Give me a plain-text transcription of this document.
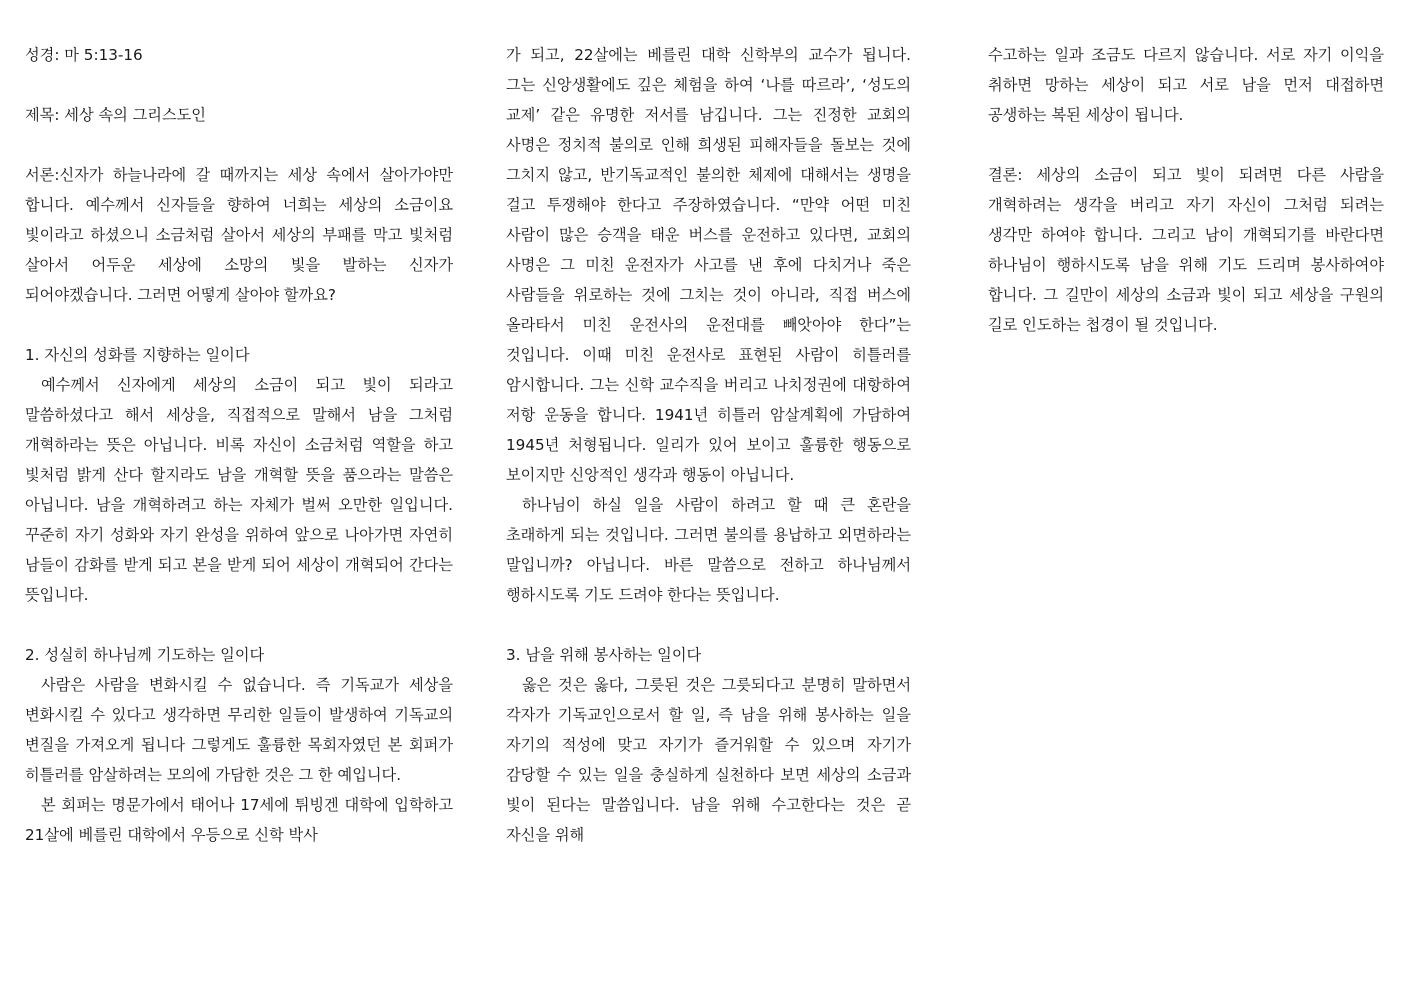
성경: 마 5:13-16

제목: 세상 속의 그리스도인

서론:신자가 하늘나라에 갈 때까지는 세상 속에서 살아가야만 합니다. 예수께서 신자들을 향하여 너희는 세상의 소금이요 빛이라고 하셨으니 소금처럼 살아서 세상의 부패를 막고 빛처럼 살아서 어두운 세상에 소망의 빛을 발하는 신자가 되어야겠습니다. 그러면 어떻게 살아야 할까요?

1. 자신의 성화를 지향하는 일이다

예수께서 신자에게 세상의 소금이 되고 빛이 되라고 말씀하셨다고 해서 세상을, 직접적으로 말해서 남을 그처럼 개혁하라는 뜻은 아닙니다. 비록 자신이 소금처럼 역할을 하고 빛처럼 밝게 산다 할지라도 남을 개혁할 뜻을 품으라는 말씀은 아닙니다. 남을 개혁하려고 하는 자체가 벌써 오만한 일입니다. 꾸준히 자기 성화와 자기 완성을 위하여 앞으로 나아가면 자연히 남들이 감화를 받게 되고 본을 받게 되어 세상이 개혁되어 간다는 뜻입니다.

2. 성실히 하나님께 기도하는 일이다

사람은 사람을 변화시킬 수 없습니다. 즉 기독교가 세상을 변화시킬 수 있다고 생각하면 무리한 일들이 발생하여 기독교의 변질을 가져오게 됩니다 그렇게도 훌륭한 목회자였던 본 회퍼가 히틀러를 암살하려는 모의에 가담한 것은 그 한 예입니다.

본 회퍼는 명문가에서 태어나 17세에 튀빙겐 대학에 입학하고 21살에 베를린 대학에서 우등으로 신학 박사

가 되고, 22살에는 베를린 대학 신학부의 교수가 됩니다. 그는 신앙생활에도 깊은 체험을 하여 ‘나를 따르라’, ‘성도의 교제’ 같은 유명한 저서를 남깁니다. 그는 진정한 교회의 사명은 정치적 불의로 인해 희생된 피해자들을 돌보는 것에 그치지 않고, 반기독교적인 불의한 체제에 대해서는 생명을 걸고 투쟁해야 한다고 주장하였습니다. “만약 어떤 미친 사람이 많은 승객을 태운 버스를 운전하고 있다면, 교회의 사명은 그 미친 운전자가 사고를 낸 후에 다치거나 죽은 사람들을 위로하는 것에 그치는 것이 아니라, 직접 버스에 올라타서 미친 운전사의 운전대를 빼앗아야 한다”는 것입니다. 이때 미친 운전사로 표현된 사람이 히틀러를 암시합니다. 그는 신학 교수직을 버리고 나치정권에 대항하여 저항 운동을 합니다. 1941년 히틀러 암살계획에 가담하여 1945년 처형됩니다. 일리가 있어 보이고 훌륭한 행동으로 보이지만 신앙적인 생각과 행동이 아닙니다.

하나님이 하실 일을 사람이 하려고 할 때 큰 혼란을 초래하게 되는 것입니다. 그러면 불의를 용납하고 외면하라는 말입니까? 아닙니다. 바른 말씀으로 전하고 하나님께서 행하시도록 기도 드려야 한다는 뜻입니다.

3. 남을 위해 봉사하는 일이다

옳은 것은 옳다, 그릇된 것은 그릇되다고 분명히 말하면서 각자가 기독교인으로서 할 일, 즉 남을 위해 봉사하는 일을 자기의 적성에 맞고 자기가 즐거워할 수 있으며 자기가 감당할 수 있는 일을 충실하게 실천하다 보면 세상의 소금과 빛이 된다는 말씀입니다. 남을 위해 수고한다는 것은 곧 자신을 위해

수고하는 일과 조금도 다르지 않습니다. 서로 자기 이익을 취하면 망하는 세상이 되고 서로 남을 먼저 대접하면 공생하는 복된 세상이 됩니다.

결론: 세상의 소금이 되고 빛이 되려면 다른 사람을 개혁하려는 생각을 버리고 자기 자신이 그처럼 되려는 생각만 하여야 합니다. 그리고 남이 개혁되기를 바란다면 하나님이 행하시도록 남을 위해 기도 드리며 봉사하여야 합니다. 그 길만이 세상의 소금과 빛이 되고 세상을 구원의 길로 인도하는 첩경이 될 것입니다.
